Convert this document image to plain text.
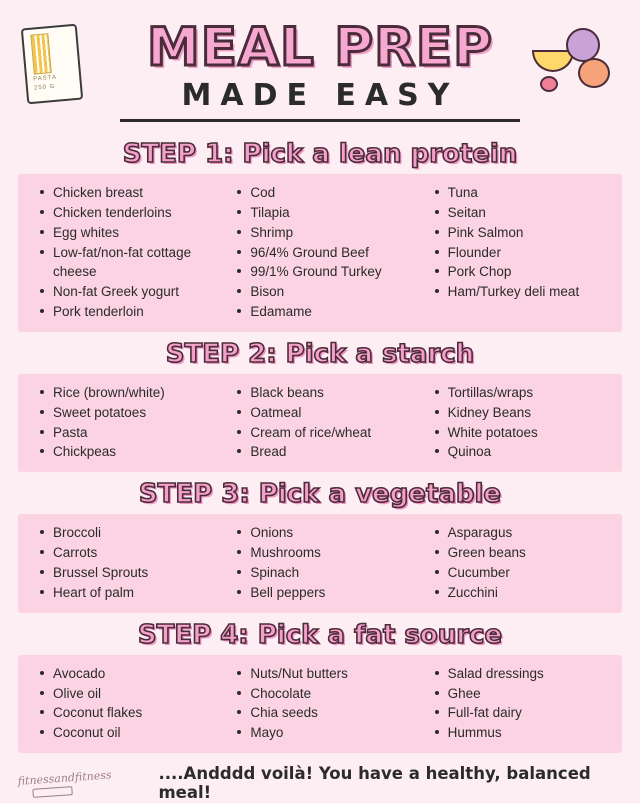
PASTA
250 G
MEAL PREP
MADE EASY
STEP 1: Pick a lean protein
Chicken breast
Chicken tenderloins
Egg whites
Low-fat/non-fat cottage cheese
Non-fat Greek yogurt
Pork tenderloin
Cod
Tilapia
Shrimp
96/4% Ground Beef
99/1% Ground Turkey
Bison
Edamame
Tuna
Seitan
Pink Salmon
Flounder
Pork Chop
Ham/Turkey deli meat
STEP 2: Pick a starch
Rice (brown/white)
Sweet potatoes
Pasta
Chickpeas
Black beans
Oatmeal
Cream of rice/wheat
Bread
Tortillas/wraps
Kidney Beans
White potatoes
Quinoa
STEP 3: Pick a vegetable
Broccoli
Carrots
Brussel Sprouts
Heart of palm
Onions
Mushrooms
Spinach
Bell peppers
Asparagus
Green beans
Cucumber
Zucchini
STEP 4: Pick a fat source
Avocado
Olive oil
Coconut flakes
Coconut oil
Nuts/Nut butters
Chocolate
Chia seeds
Mayo
Salad dressings
Ghee
Full-fat dairy
Hummus
fitnessandfitness	....Andddd voilà! You have a healthy, balanced meal!
